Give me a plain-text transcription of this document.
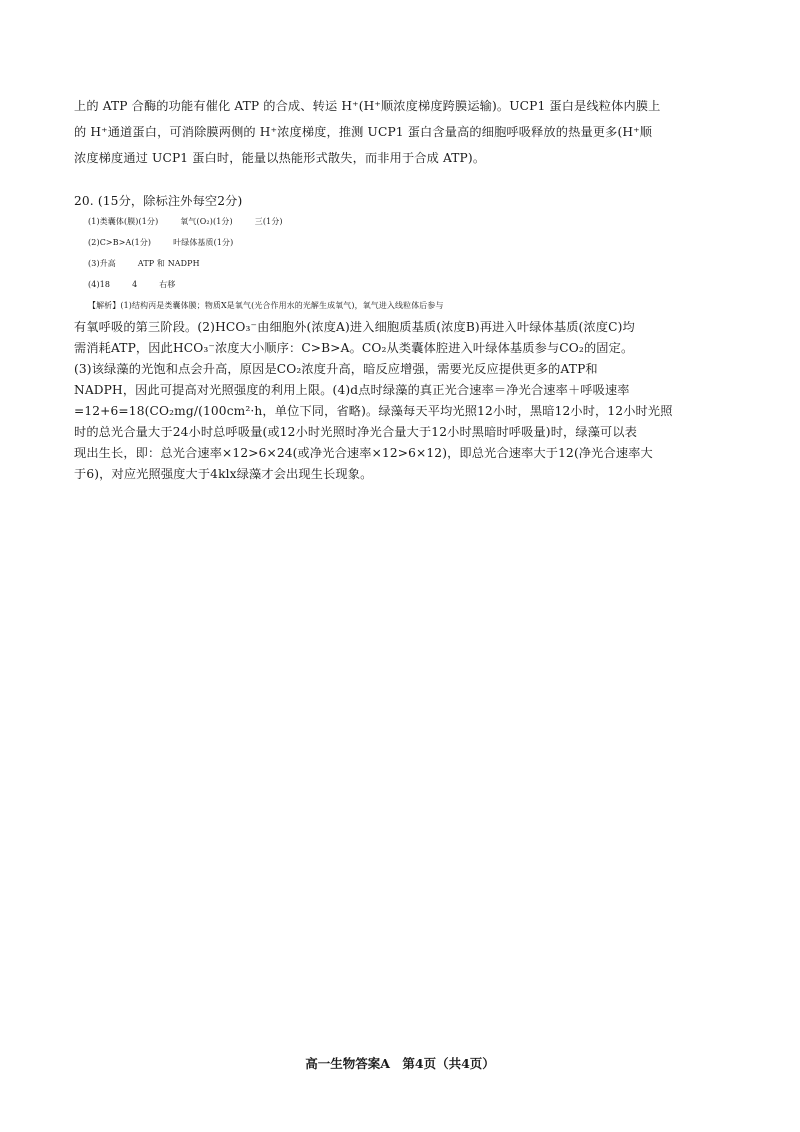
上的 ATP 合酶的功能有催化 ATP 的合成、转运 H⁺(H⁺顺浓度梯度跨膜运输)。UCP1 蛋白是线粒体内膜上
的 H⁺通道蛋白，可消除膜两侧的 H⁺浓度梯度，推测 UCP1 蛋白含量高的细胞呼吸释放的热量更多(H⁺顺
浓度梯度通过 UCP1 蛋白时，能量以热能形式散失，而非用于合成 ATP)。
20. (15分，除标注外每空2分)
(1)类囊体(膜)(1分)	氧气(O₂)(1分)	三(1分)
(2)C>B>A(1分)	叶绿体基质(1分)
(3)升高	ATP 和 NADPH
(4)18	4	右移
【解析】(1)结构丙是类囊体膜；物质X是氧气(光合作用水的光解生成氧气)，氧气进入线粒体后参与
有氧呼吸的第三阶段。(2)HCO₃⁻由细胞外(浓度A)进入细胞质基质(浓度B)再进入叶绿体基质(浓度C)均
需消耗ATP，因此HCO₃⁻浓度大小顺序：C>B>A。CO₂从类囊体腔进入叶绿体基质参与CO₂的固定。
(3)该绿藻的光饱和点会升高，原因是CO₂浓度升高，暗反应增强，需要光反应提供更多的ATP和
NADPH，因此可提高对光照强度的利用上限。(4)d点时绿藻的真正光合速率＝净光合速率＋呼吸速率
=12+6=18(CO₂mg/(100cm²·h，单位下同，省略)。绿藻每天平均光照12小时，黑暗12小时，12小时光照
时的总光合量大于24小时总呼吸量(或12小时光照时净光合量大于12小时黑暗时呼吸量)时，绿藻可以表
现出生长，即：总光合速率×12>6×24(或净光合速率×12>6×12)，即总光合速率大于12(净光合速率大
于6)，对应光照强度大于4klx绿藻才会出现生长现象。
高一生物答案A　第4页（共4页）
